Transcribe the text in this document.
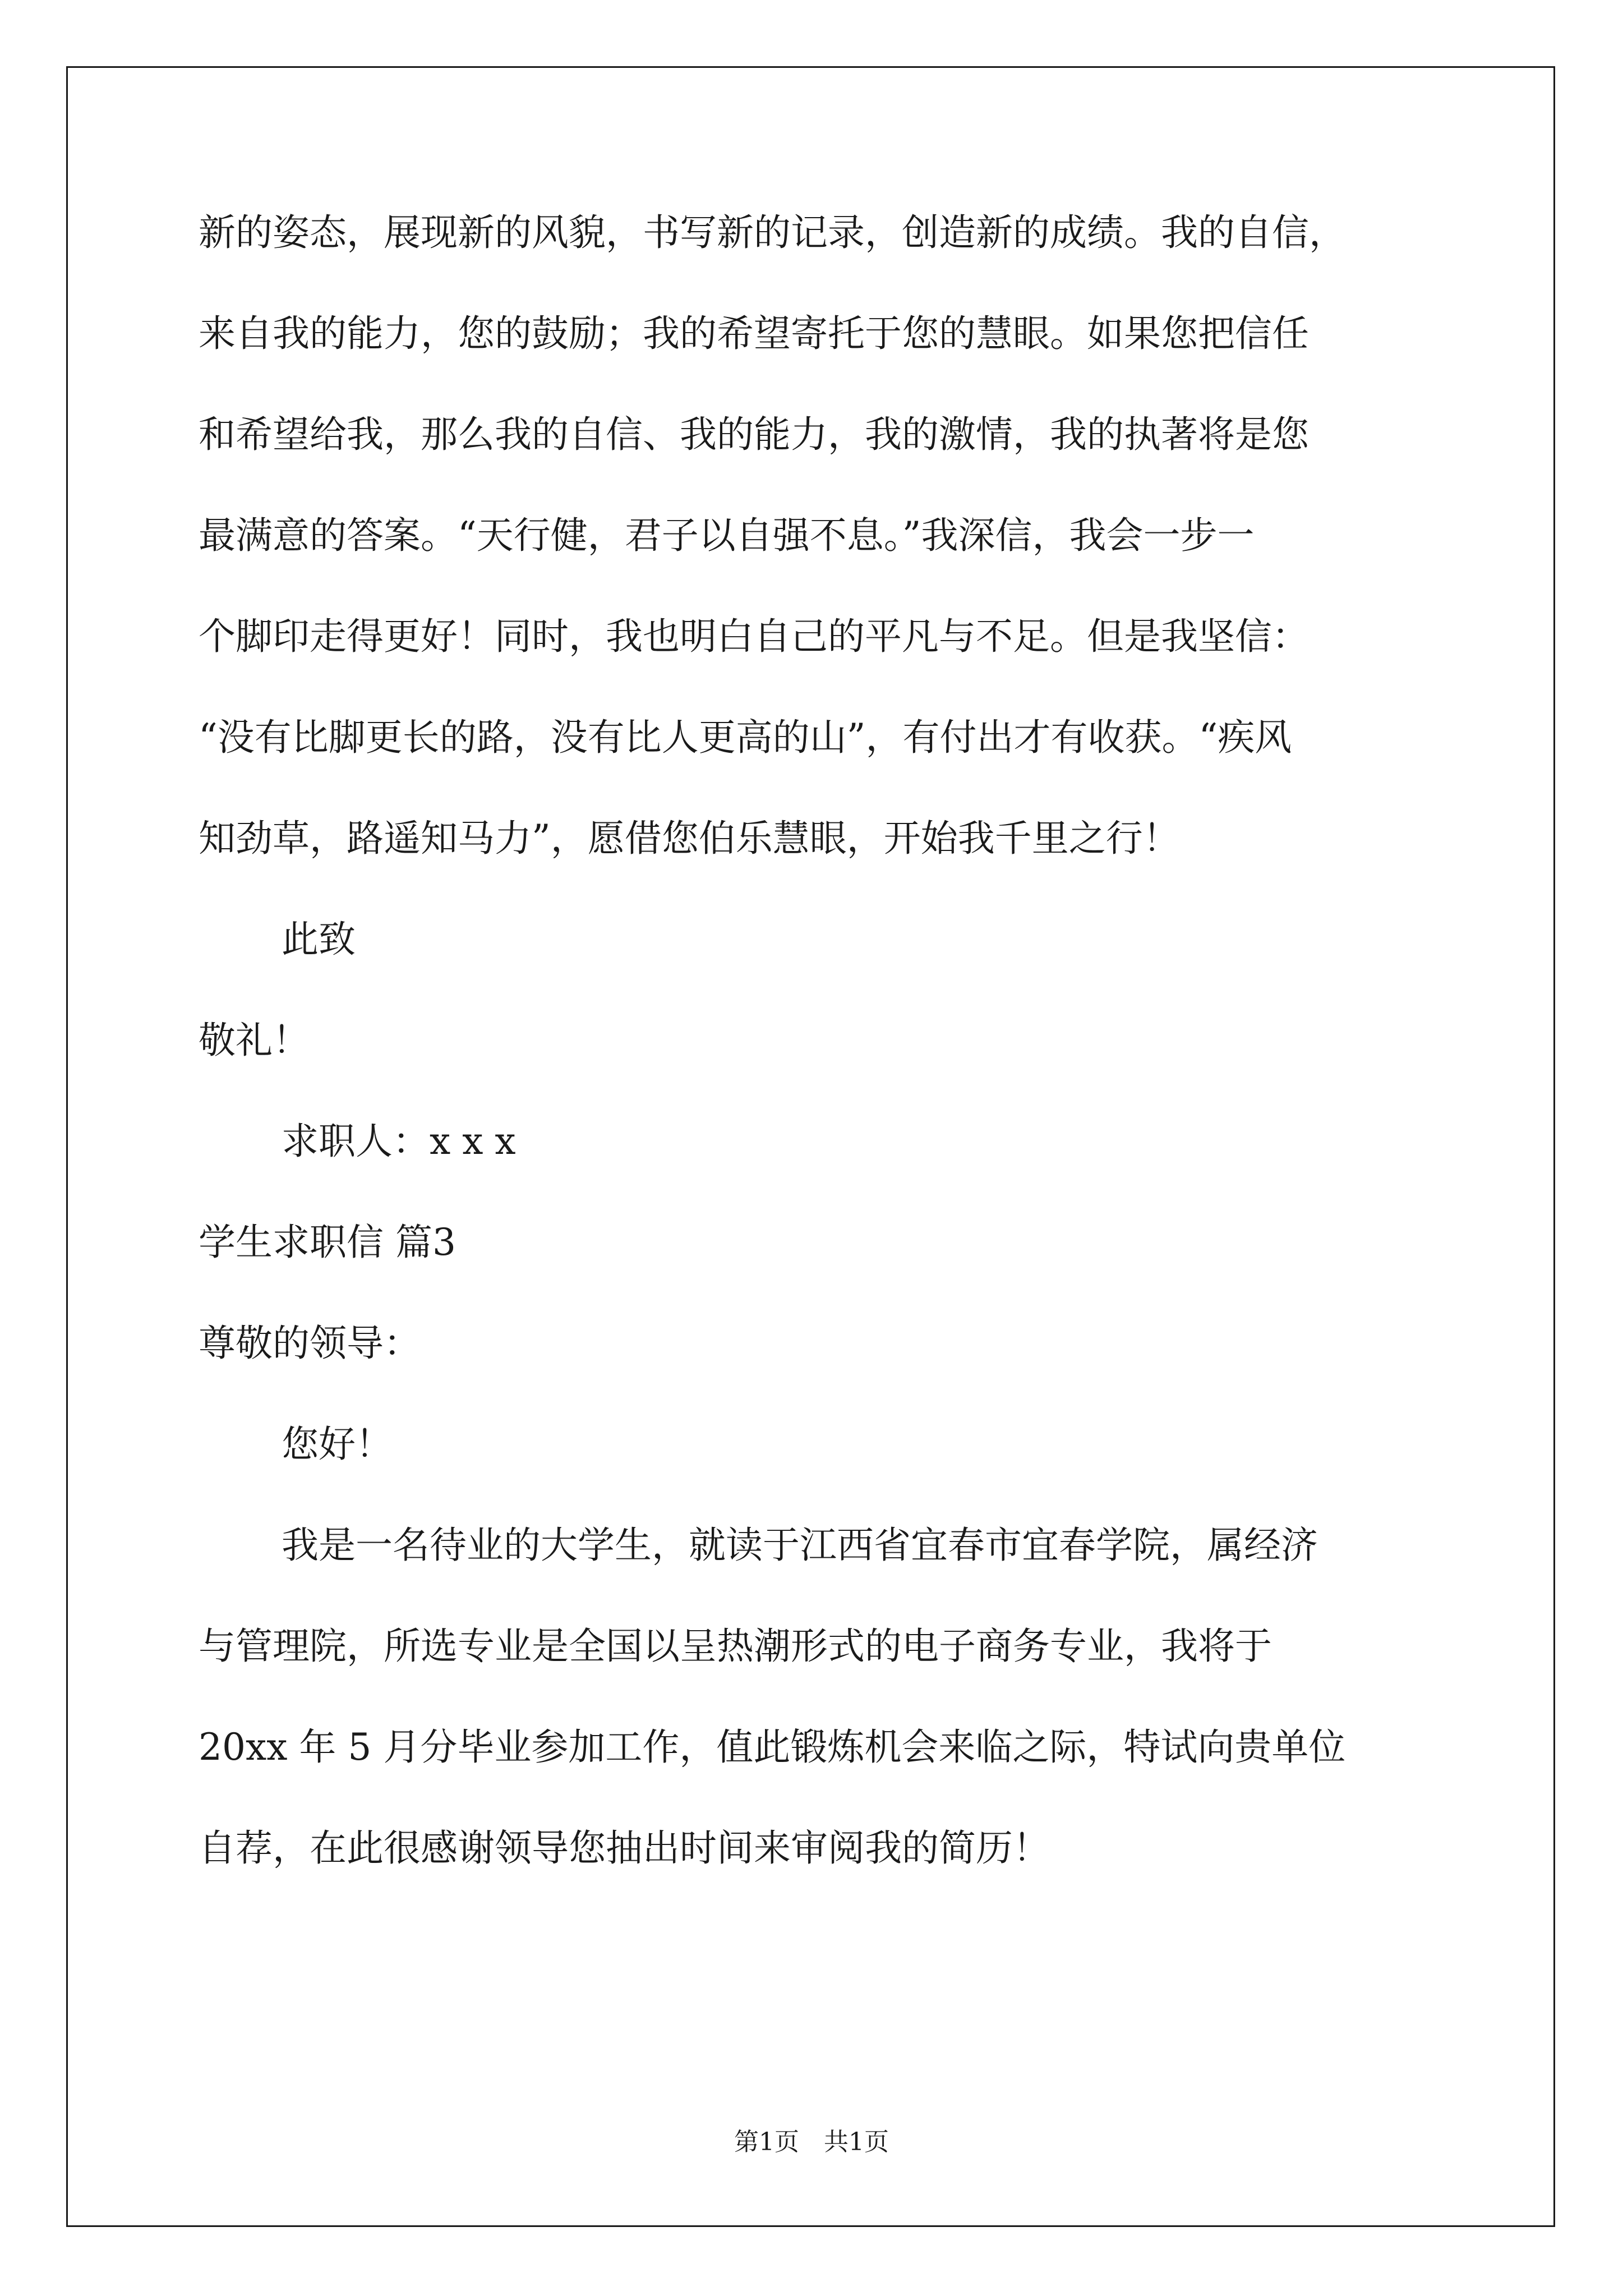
新的姿态，展现新的风貌，书写新的记录，创造新的成绩。我的自信，
来自我的能力，您的鼓励；我的希望寄托于您的慧眼。如果您把信任
和希望给我，那么我的自信、我的能力，我的激情，我的执著将是您
最满意的答案。“天行健，君子以自强不息。”我深信，我会一步一
个脚印走得更好！同时，我也明白自己的平凡与不足。但是我坚信：
“没有比脚更长的路，没有比人更高的山”，有付出才有收获。“疾风
知劲草，路遥知马力”，愿借您伯乐慧眼，开始我千里之行！
此致
敬礼！
求职人：x x x
学生求职信 篇3
尊敬的领导：
您好！
我是一名待业的大学生，就读于江西省宜春市宜春学院，属经济
与管理院，所选专业是全国以呈热潮形式的电子商务专业，我将于
20xx 年 5 月分毕业参加工作，值此锻炼机会来临之际，特试向贵单位
自荐，在此很感谢领导您抽出时间来审阅我的简历！
第1页　共1页
